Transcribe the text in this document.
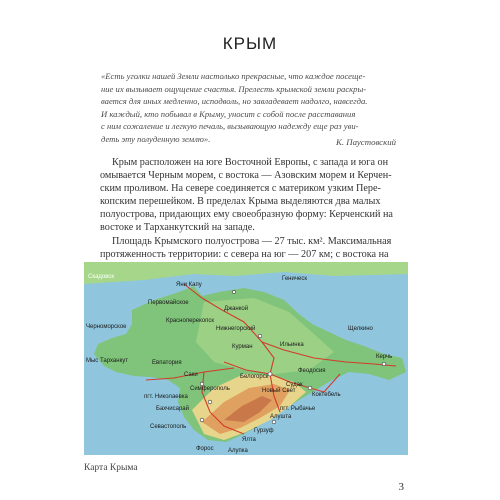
КРЫМ
«Есть уголки нашей Земли настолько прекрасные, что каждое посеще-
ние их вызывает ощущение счастья. Прелесть крымской земли раскры-
вается для иных медленно, исподволь, но завладевает надолго, навсегда.
И каждый, кто побывал в Крыму, уносит с собой после расставания
с ним сожаление и легкую печаль, вызывающую надежду еще раз уви-
деть эту полуденную землю».	К. Паустовский
Крым расположен на юге Восточной Европы, с запада и юга он
омывается Черным морем, с востока — Азовским морем и Керчен-
ским проливом. На севере соединяется с материком узким Пере-
копским перешейком. В пределах Крыма выделяются два малых
полуострова, придающих ему своеобразную форму: Керченский на
востоке и Тарханкутский на западе.
Площадь Крымского полуострова — 27 тыс. км². Максимальная
протяженность территории: с севера на юг — 207 км; с востока на
Скадовск
Яни Капу
Геническ
Первомайское
Джанкой
Нижнегорский
Черноморское
Красноперекопск
Щелкино
Курман	Ильинка
Керчь
Мыс Тарханкут	Евпатория
Саки
Симферополь
Феодосия
Белогорск
пгт. Николаевка
Бахчисарай
Новый Свет
Судак
Коктебель
пгт. Рыбачье
Севастополь
Алушта
Гурзуф
Ялта
Форос Алупка
Карта Крыма
3
